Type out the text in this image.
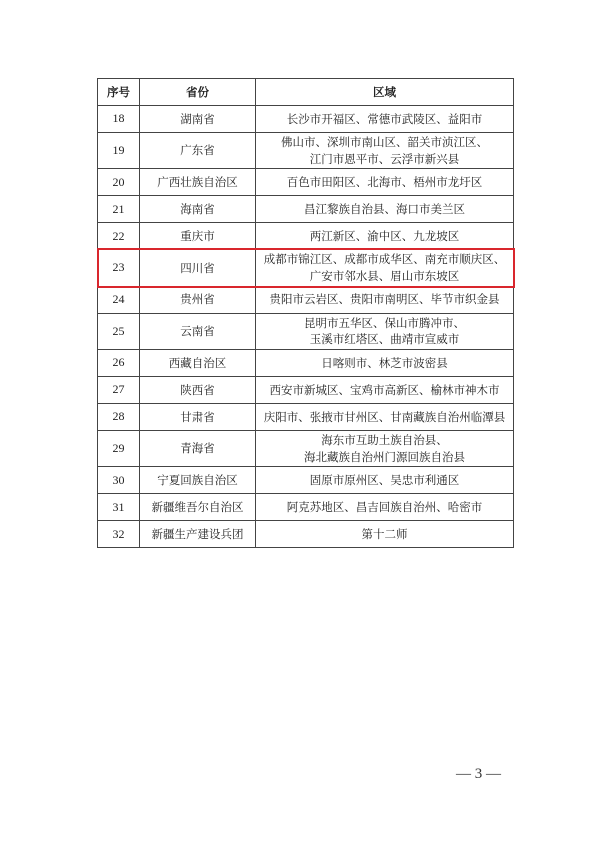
序号	省份	区域
18	湖南省	长沙市开福区、常德市武陵区、益阳市

19	广东省	佛山市、深圳市南山区、韶关市浈江区、
江门市恩平市、云浮市新兴县

20	广西壮族自治区	百色市田阳区、北海市、梧州市龙圩区

21	海南省	昌江黎族自治县、海口市美兰区

22	重庆市	两江新区、渝中区、九龙坡区

23	四川省	成都市锦江区、成都市成华区、南充市顺庆区、
广安市邻水县、眉山市东坡区

24	贵州省	贵阳市云岩区、贵阳市南明区、毕节市织金县

25	云南省	昆明市五华区、保山市腾冲市、
玉溪市红塔区、曲靖市宣威市

26	西藏自治区	日喀则市、林芝市波密县

27	陕西省	西安市新城区、宝鸡市高新区、榆林市神木市

28	甘肃省	庆阳市、张掖市甘州区、甘南藏族自治州临潭县

29	青海省	海东市互助土族自治县、
海北藏族自治州门源回族自治县

30	宁夏回族自治区	固原市原州区、吴忠市利通区

31	新疆维吾尔自治区	阿克苏地区、昌吉回族自治州、哈密市

32	新疆生产建设兵团	第十二师
— 3 —
